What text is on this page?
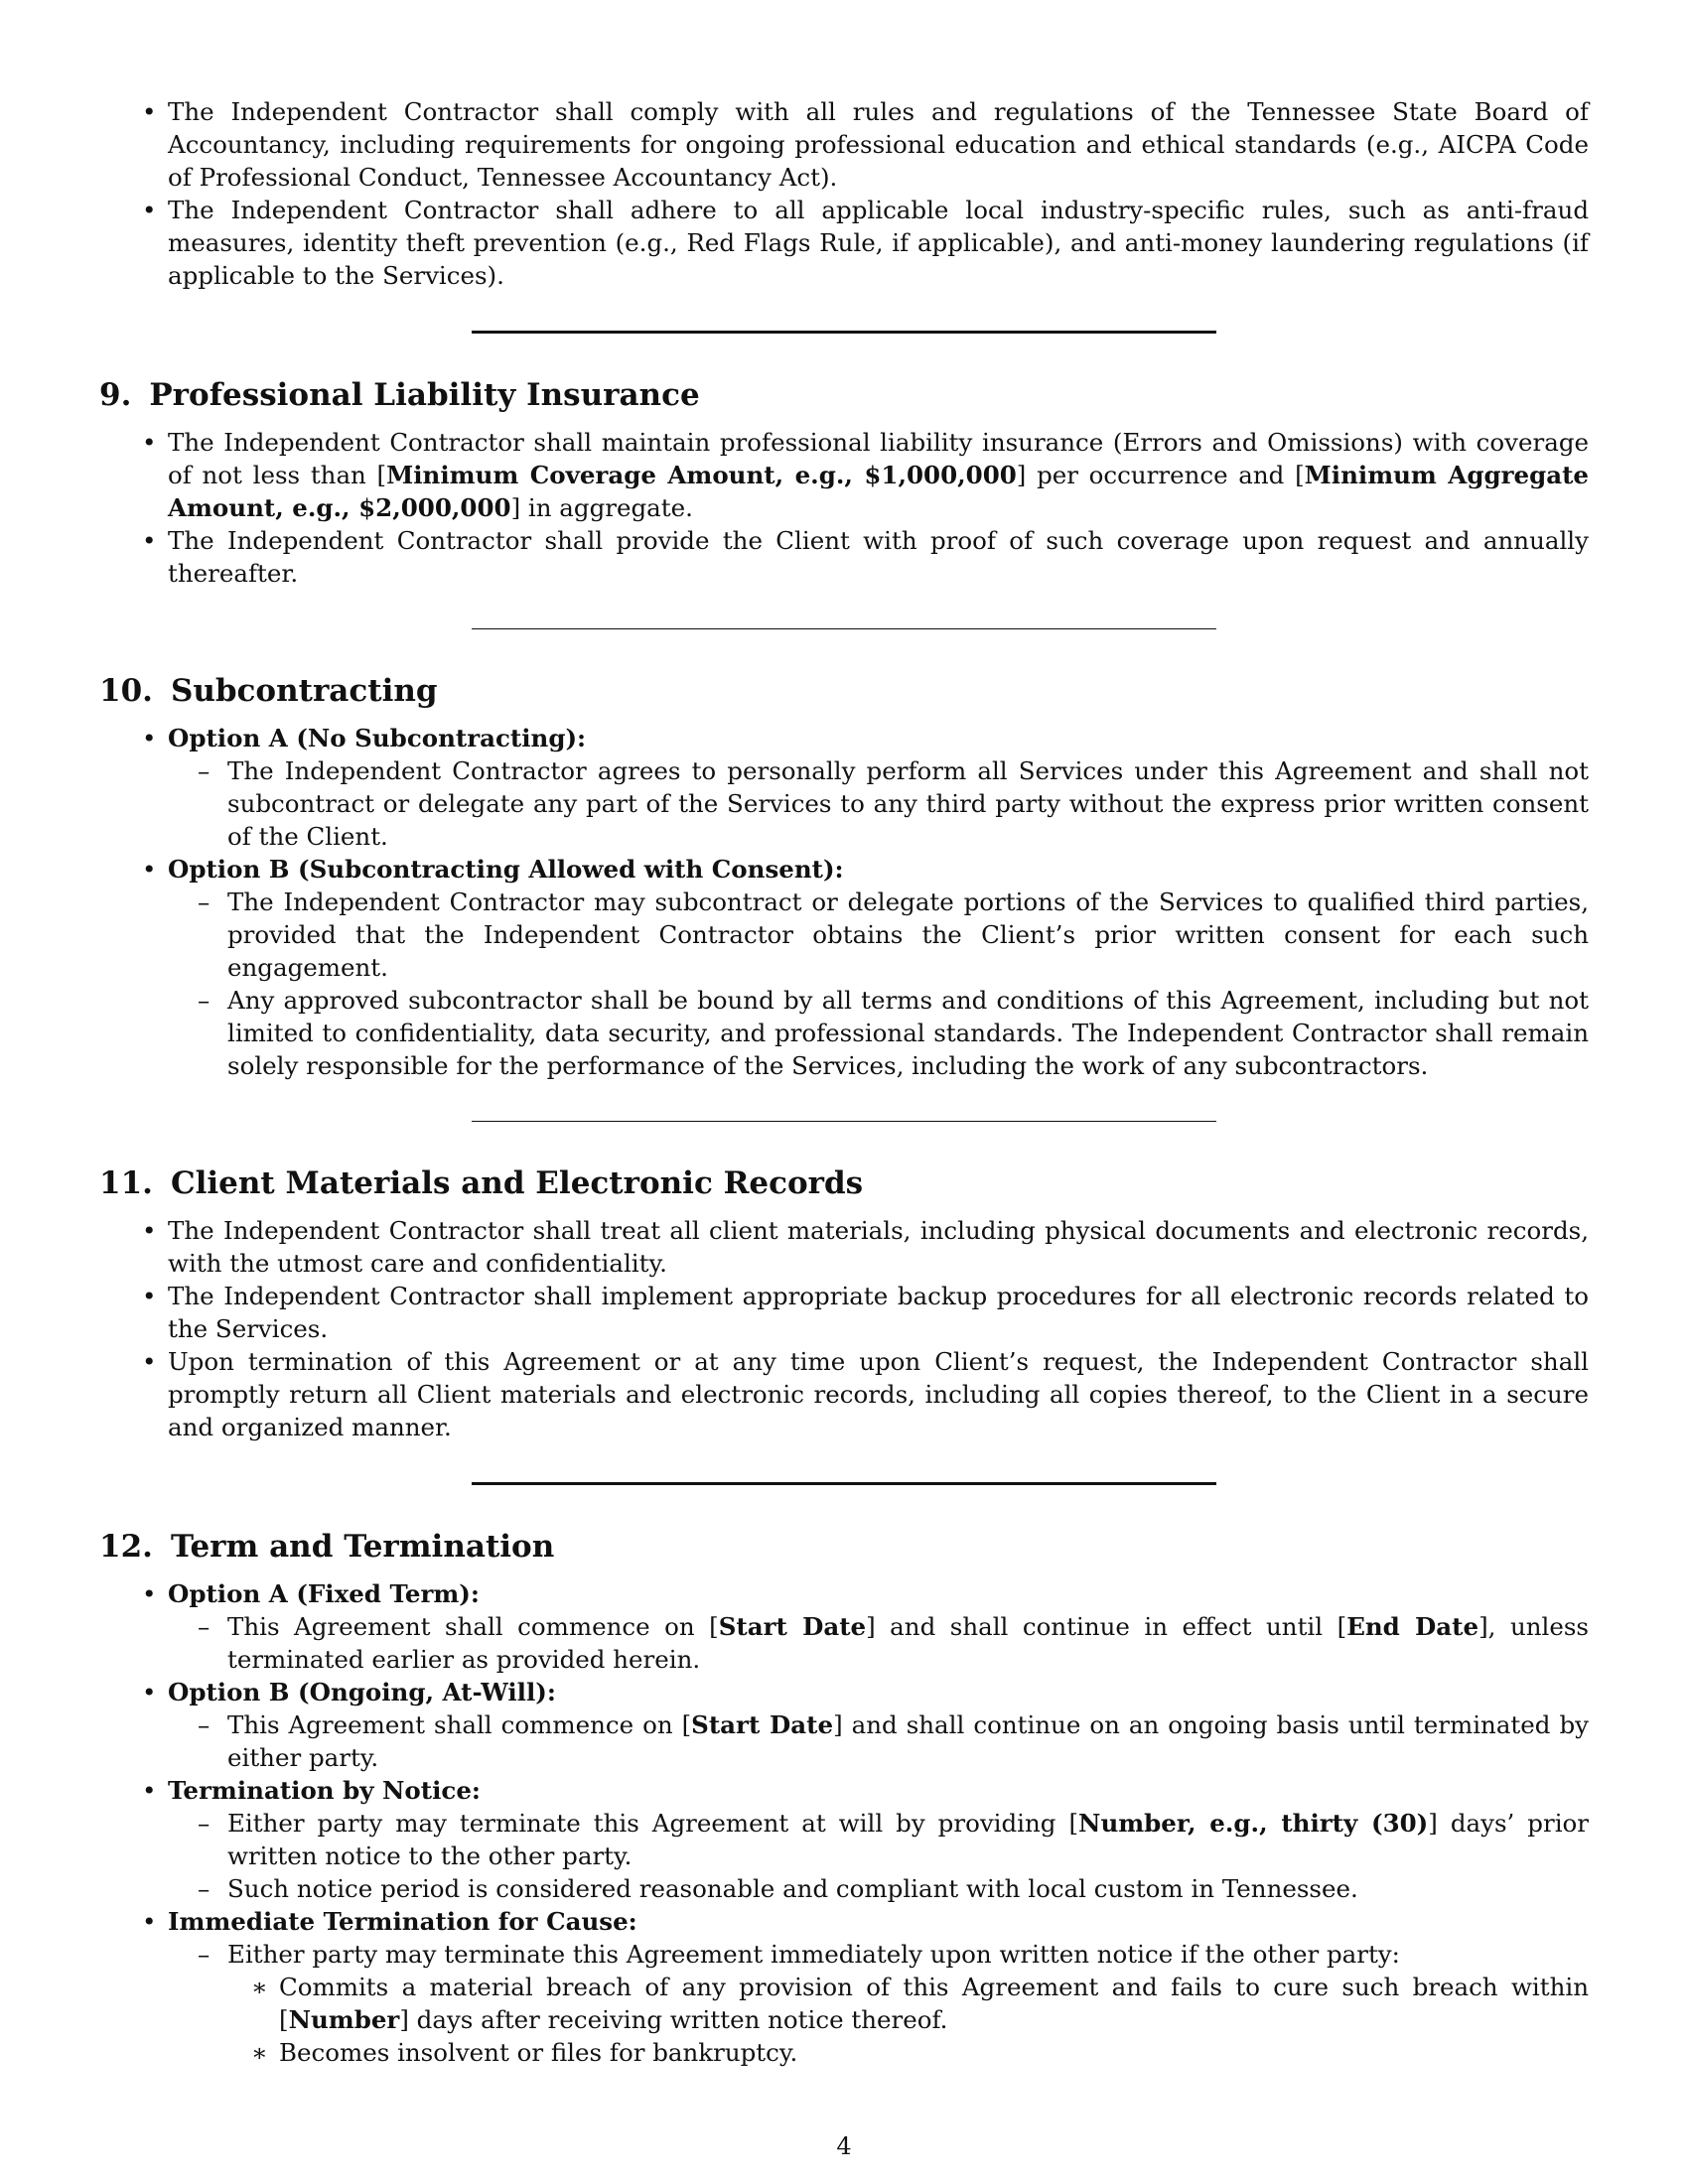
• The Independent Contractor shall comply with all rules and regulations of the Tennessee State Board of Accountancy, including requirements for ongoing professional education and ethical standards (e.g., AICPA Code of Professional Conduct, Tennessee Accountancy Act).
• The Independent Contractor shall adhere to all applicable local industry-specific rules, such as anti-fraud measures, identity theft prevention (e.g., Red Flags Rule, if applicable), and anti-money laundering regulations (if applicable to the Services).
9. Professional Liability Insurance
• The Independent Contractor shall maintain professional liability insurance (Errors and Omissions) with coverage of not less than [Minimum Coverage Amount, e.g., $1,000,000] per occurrence and [Minimum Aggregate Amount, e.g., $2,000,000] in aggregate.
• The Independent Contractor shall provide the Client with proof of such coverage upon request and annually thereafter.
10. Subcontracting
• Option A (No Subcontracting):
– The Independent Contractor agrees to personally perform all Services under this Agreement and shall not subcontract or delegate any part of the Services to any third party without the express prior written consent of the Client.
• Option B (Subcontracting Allowed with Consent):
– The Independent Contractor may subcontract or delegate portions of the Services to qualified third parties, provided that the Independent Contractor obtains the Client’s prior written consent for each such engagement.
– Any approved subcontractor shall be bound by all terms and conditions of this Agreement, including but not limited to confidentiality, data security, and professional standards. The Independent Contractor shall remain solely responsible for the performance of the Services, including the work of any subcontractors.
11. Client Materials and Electronic Records
• The Independent Contractor shall treat all client materials, including physical documents and electronic records, with the utmost care and confidentiality.
• The Independent Contractor shall implement appropriate backup procedures for all electronic records related to the Services.
• Upon termination of this Agreement or at any time upon Client’s request, the Independent Contractor shall promptly return all Client materials and electronic records, including all copies thereof, to the Client in a secure and organized manner.
12. Term and Termination
• Option A (Fixed Term):
– This Agreement shall commence on [Start Date] and shall continue in effect until [End Date], unless terminated earlier as provided herein.
• Option B (Ongoing, At-Will):
– This Agreement shall commence on [Start Date] and shall continue on an ongoing basis until terminated by either party.
• Termination by Notice:
– Either party may terminate this Agreement at will by providing [Number, e.g., thirty (30)] days’ prior written notice to the other party.
– Such notice period is considered reasonable and compliant with local custom in Tennessee.
• Immediate Termination for Cause:
– Either party may terminate this Agreement immediately upon written notice if the other party:
∗ Commits a material breach of any provision of this Agreement and fails to cure such breach within [Number] days after receiving written notice thereof.
∗ Becomes insolvent or files for bankruptcy.
4
